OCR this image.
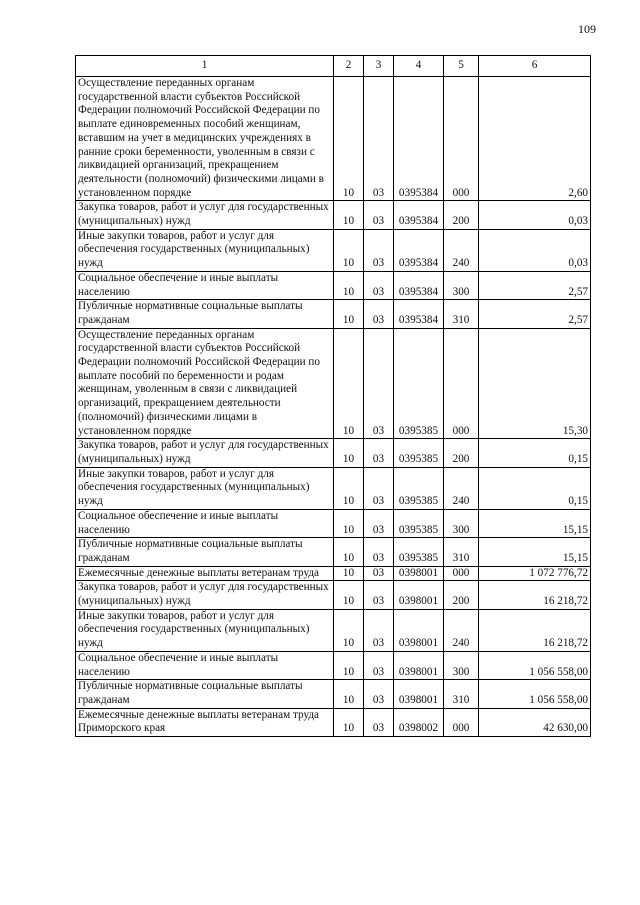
109
1	2	3	4	5	6
Осуществление переданных органам государственной власти субъектов Российской Федерации полномочий Российской Федерации по выплате единовременных пособий женщинам, вставшим на учет в медицинских учреждениях в ранние сроки беременности, уволенным в связи с ликвидацией организаций, прекращением деятельности (полномочий) физическими лицами в установленном порядке	10	03	0395384	000	2,60
Закупка товаров, работ и услуг для государственных (муниципальных) нужд	10	03	0395384	200	0,03
Иные закупки товаров, работ и услуг для обеспечения государственных (муниципальных) нужд	10	03	0395384	240	0,03
Социальное обеспечение и иные выплаты населению	10	03	0395384	300	2,57
Публичные нормативные социальные выплаты гражданам	10	03	0395384	310	2,57
Осуществление переданных органам государственной власти субъектов Российской Федерации полномочий Российской Федерации по выплате пособий по беременности и родам женщинам, уволенным в связи с ликвидацией организаций, прекращением деятельности (полномочий) физическими лицами в установленном порядке	10	03	0395385	000	15,30
Закупка товаров, работ и услуг для государственных (муниципальных) нужд	10	03	0395385	200	0,15
Иные закупки товаров, работ и услуг для обеспечения государственных (муниципальных) нужд	10	03	0395385	240	0,15
Социальное обеспечение и иные выплаты населению	10	03	0395385	300	15,15
Публичные нормативные социальные выплаты гражданам	10	03	0395385	310	15,15
Ежемесячные денежные выплаты ветеранам труда	10	03	0398001	000	1 072 776,72
Закупка товаров, работ и услуг для государственных (муниципальных) нужд	10	03	0398001	200	16 218,72
Иные закупки товаров, работ и услуг для обеспечения государственных (муниципальных) нужд	10	03	0398001	240	16 218,72
Социальное обеспечение и иные выплаты населению	10	03	0398001	300	1 056 558,00
Публичные нормативные социальные выплаты гражданам	10	03	0398001	310	1 056 558,00
Ежемесячные денежные выплаты ветеранам труда Приморского края	10	03	0398002	000	42 630,00
